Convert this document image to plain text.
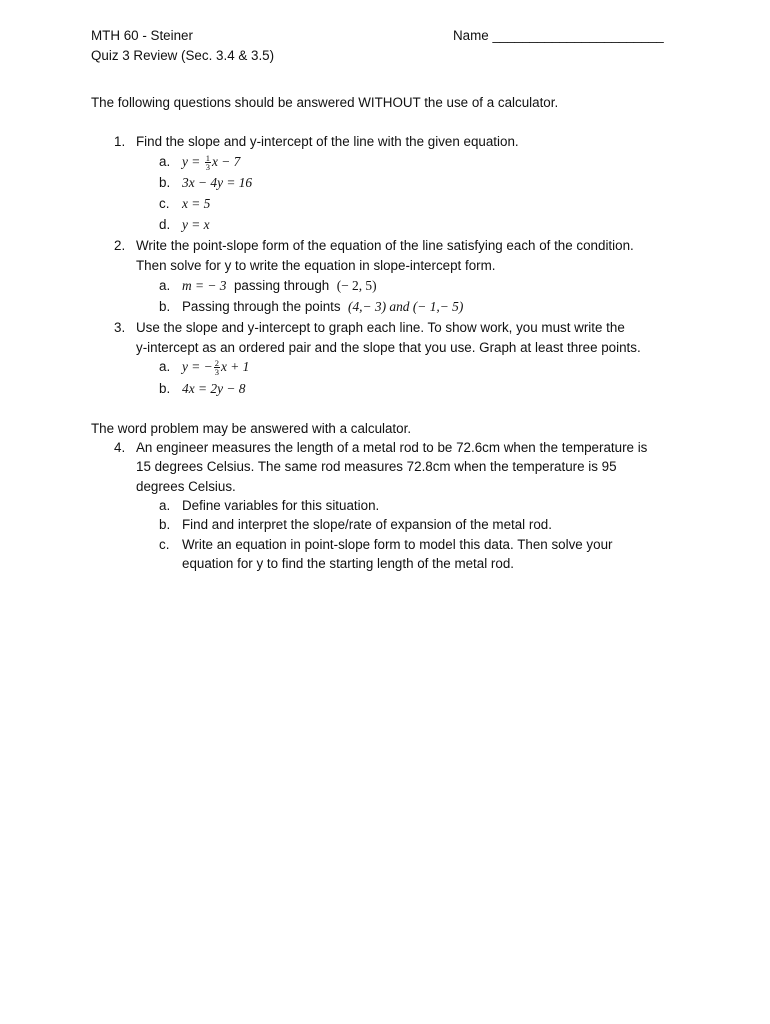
MTH 60 - Steiner
Quiz 3 Review (Sec. 3.4 & 3.5)
Name _______________________
The following questions should be answered WITHOUT the use of a calculator.
1. Find the slope and y-intercept of the line with the given equation.
a. $y = \frac{1}{3}$ x − 7
b. 3x − 4y = 16
c. x = 5
d. y = x
2. Write the point-slope form of the equation of the line satisfying each of the condition.
Then solve for y to write the equation in slope-intercept form.
a. m = − 3 passing through (− 2, 5)
b. Passing through the points (4,− 3) and (− 1,− 5)
3. Use the slope and y-intercept to graph each line. To show work, you must write the
y-intercept as an ordered pair and the slope that you use. Graph at least three points.
a. y = − $\frac{2}{3}$ x + 1
b. 4x = 2y − 8
The word problem may be answered with a calculator.
4. An engineer measures the length of a metal rod to be 72.6cm when the temperature is
15 degrees Celsius. The same rod measures 72.8cm when the temperature is 95
degrees Celsius.
a. Define variables for this situation.
b. Find and interpret the slope/rate of expansion of the metal rod.
c. Write an equation in point-slope form to model this data. Then solve your
equation for y to find the starting length of the metal rod.
